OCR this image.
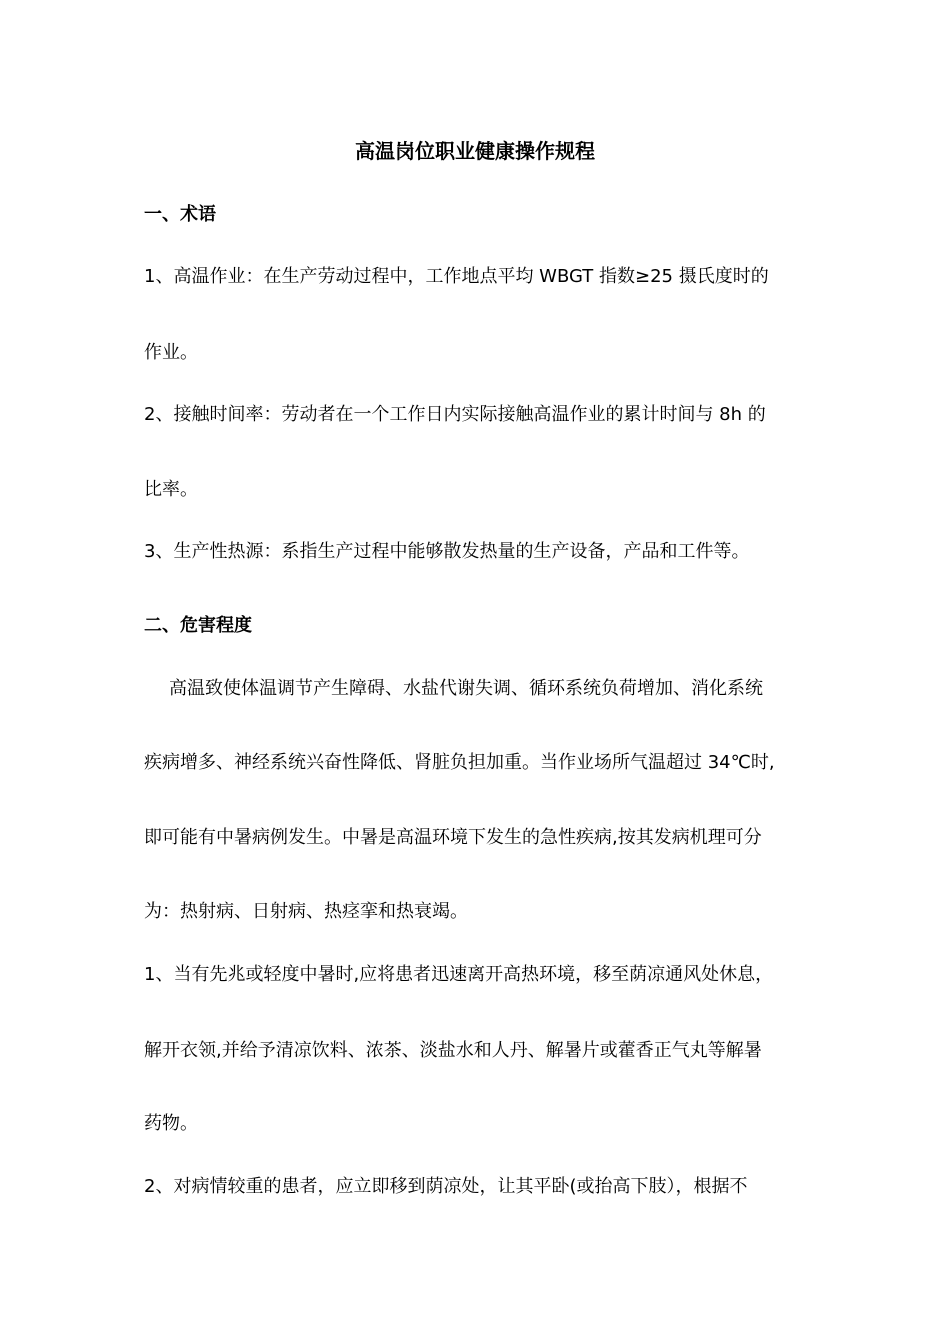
高温岗位职业健康操作规程
一、术语
1、高温作业：在生产劳动过程中，工作地点平均 WBGT 指数≥25 摄氏度时的
作业。
2、接触时间率：劳动者在一个工作日内实际接触高温作业的累计时间与 8h 的
比率。
3、生产性热源：系指生产过程中能够散发热量的生产设备，产品和工件等。
二、危害程度
高温致使体温调节产生障碍、水盐代谢失调、循环系统负荷增加、消化系统
疾病增多、神经系统兴奋性降低、肾脏负担加重。当作业场所气温超过 34℃时,
即可能有中暑病例发生。中暑是高温环境下发生的急性疾病,按其发病机理可分
为：热射病、日射病、热痉挛和热衰竭。
1、当有先兆或轻度中暑时,应将患者迅速离开高热环境，移至荫凉通风处休息，
解开衣领,并给予清凉饮料、浓茶、淡盐水和人丹、解暑片或藿香正气丸等解暑
药物。
2、对病情较重的患者，应立即移到荫凉处，让其平卧(或抬高下肢），根据不
